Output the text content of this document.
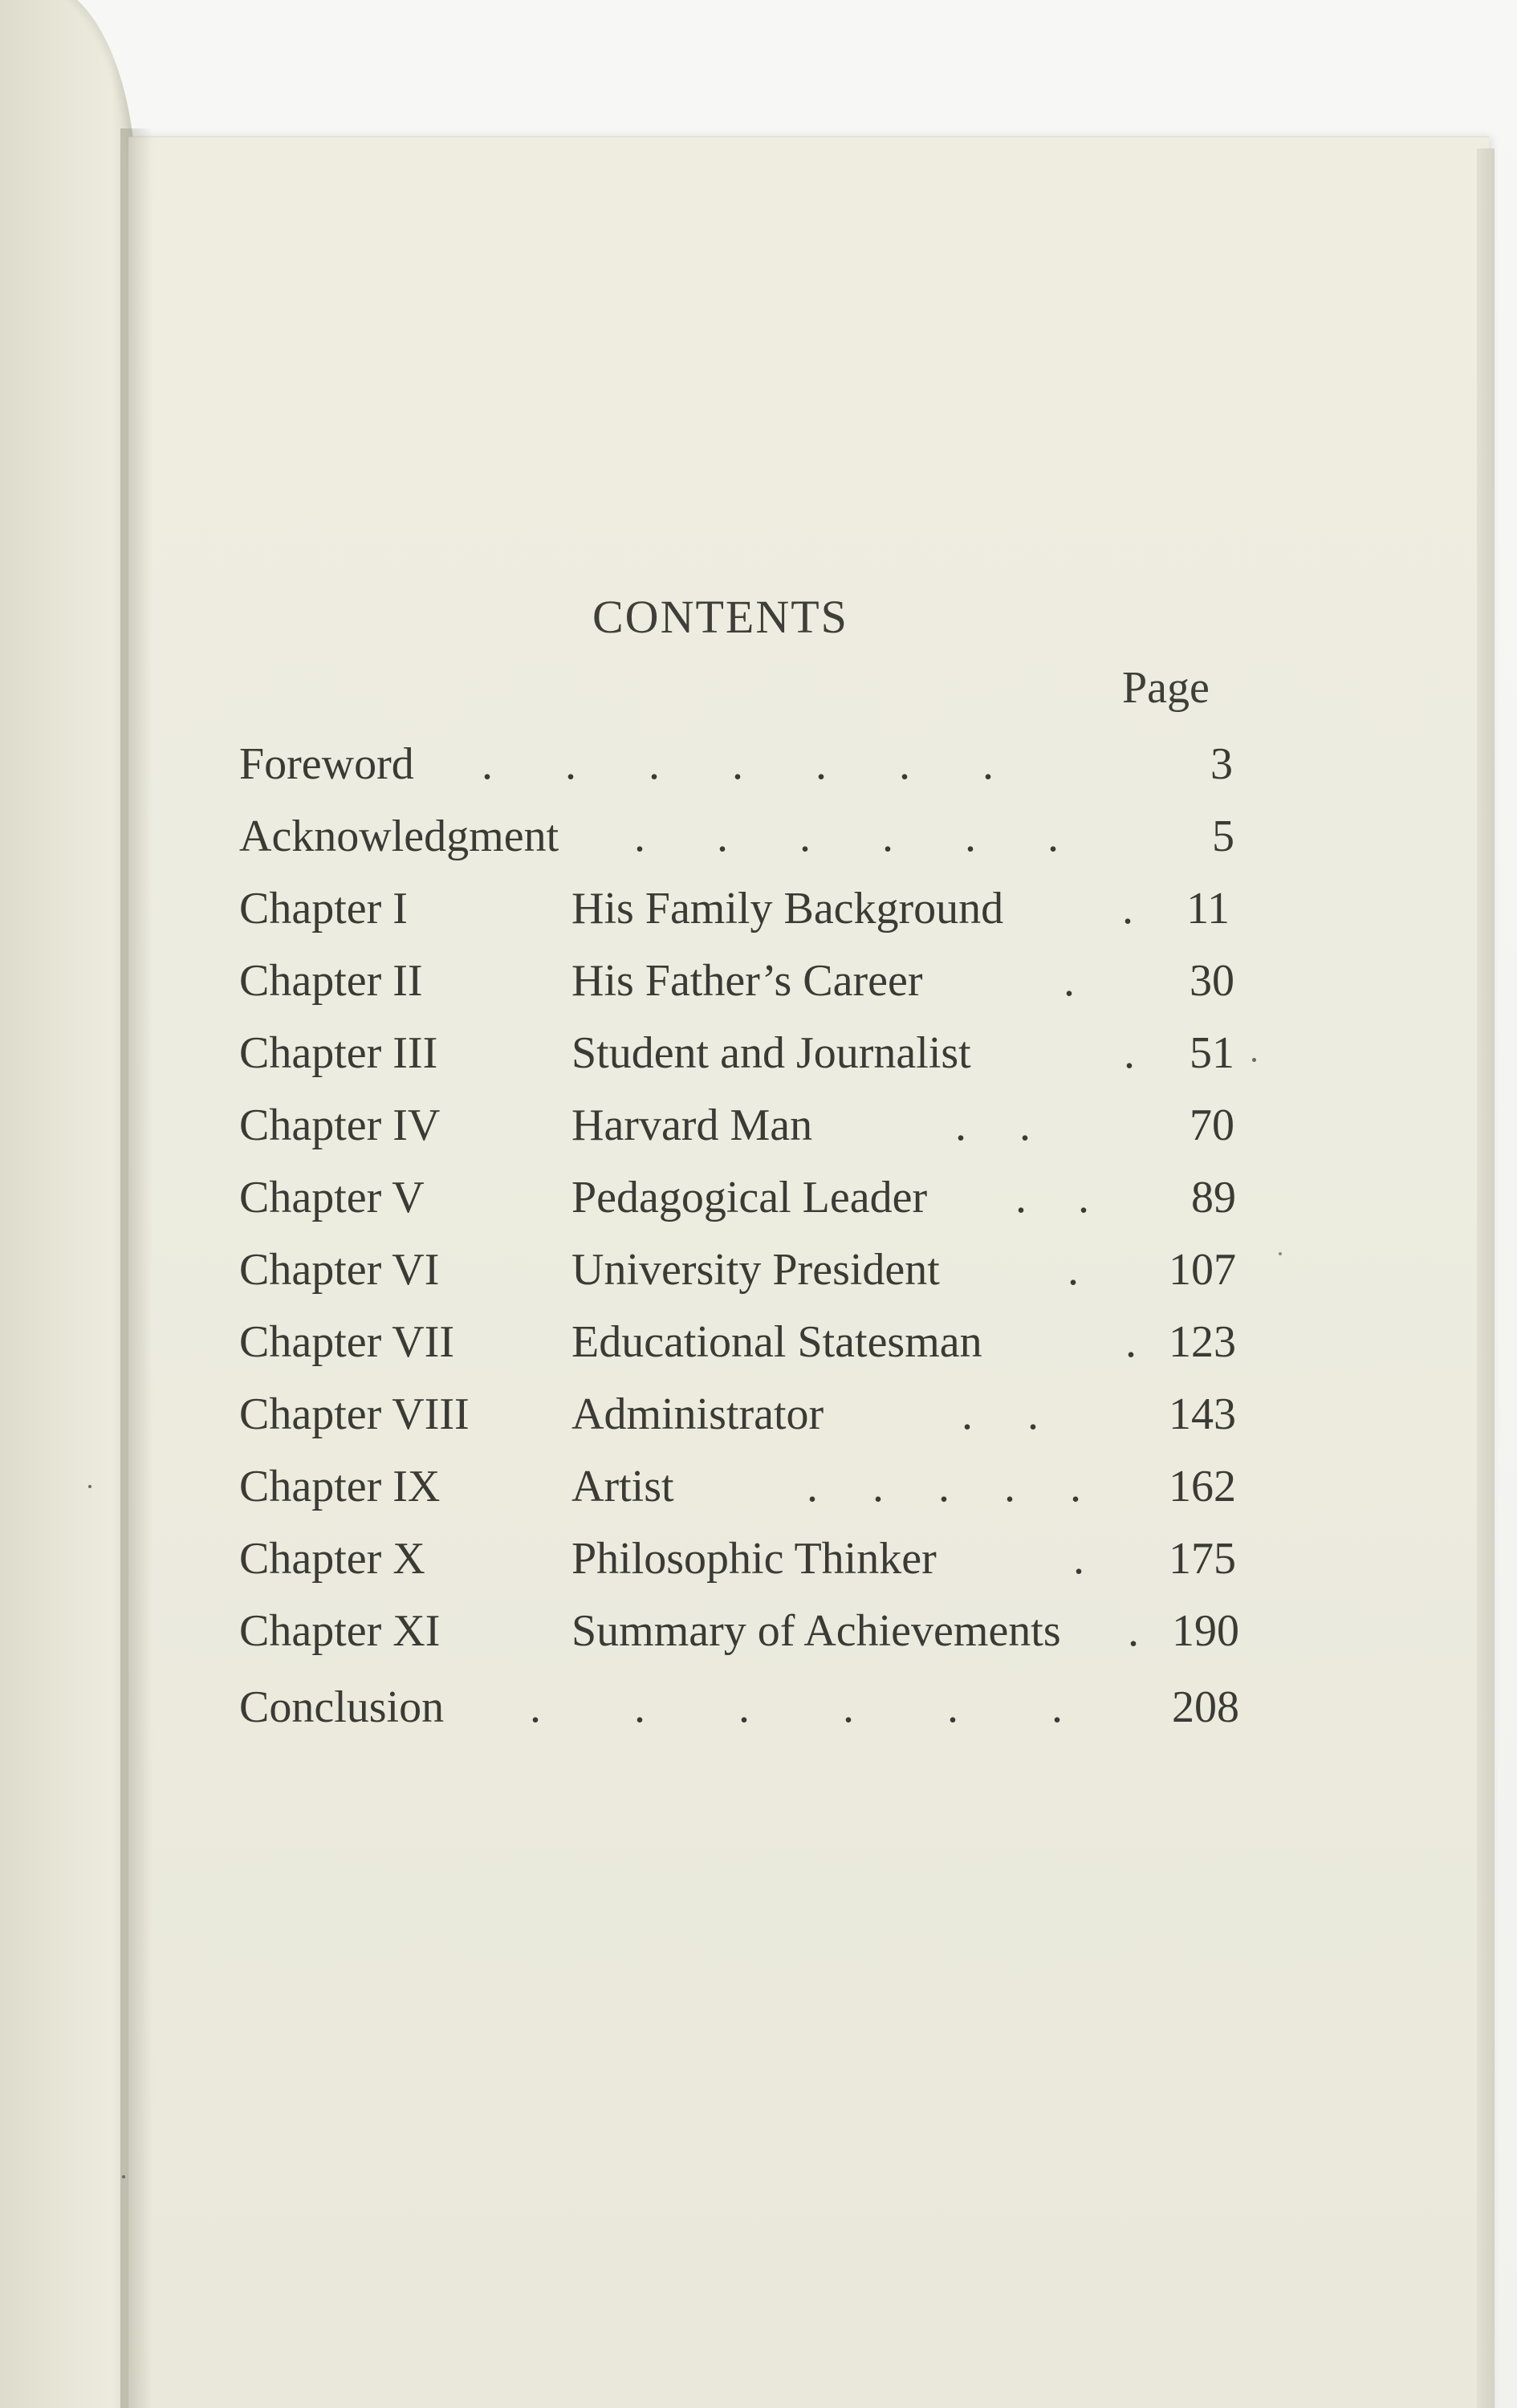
CONTENTS
Page
Foreword . . . . . . .	3
Acknowledgment . . . . . .	5
Chapter I	His Family Background	.	11
Chapter II	His Father’s Career	.	30
Chapter III	Student and Journalist	.	51
Chapter IV	Harvard Man	. .	70
Chapter V	Pedagogical Leader . .	89
Chapter VI	University President	.	107
Chapter VII	Educational Statesman	. 123
Chapter VIII Administrator	. .	143
Chapter IX	Artist	. . . . .	162
Chapter X	Philosophic Thinker	.	175
Chapter XI	Summary of Achievements . 190
Conclusion . . . . . .	208
